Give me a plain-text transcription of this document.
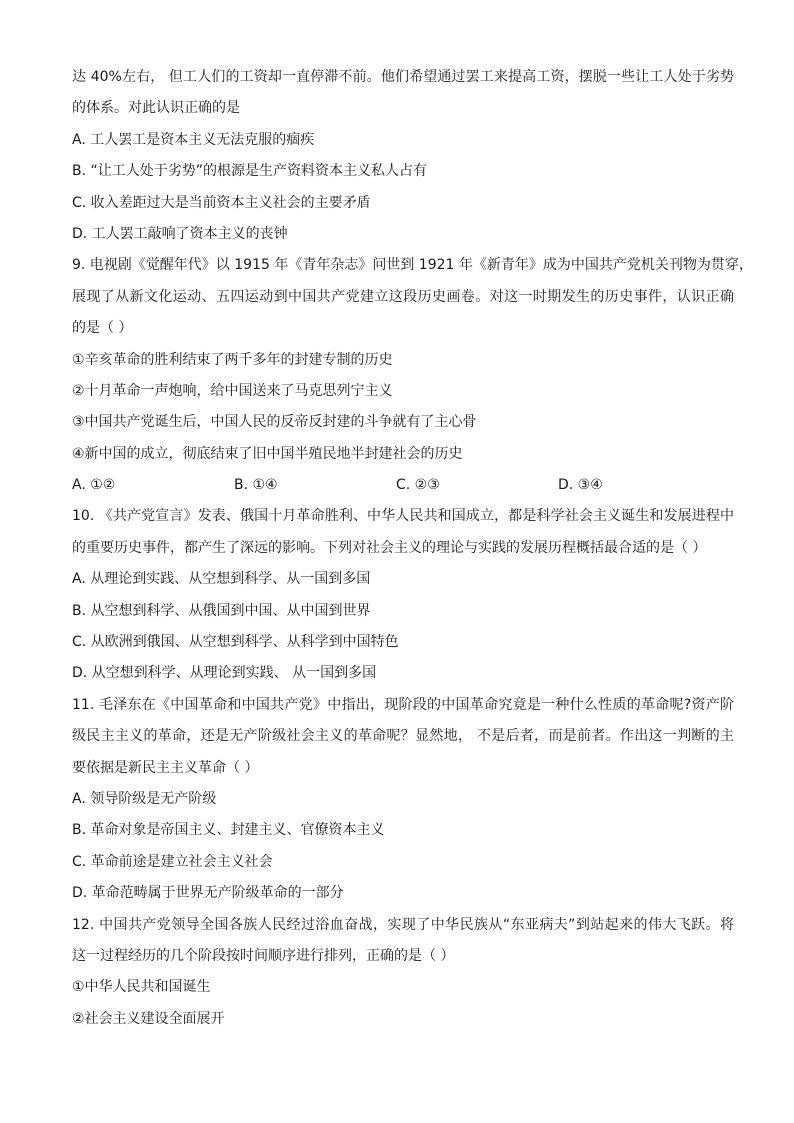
达 40%左右， 但工人们的工资却一直停滞不前。他们希望通过罢工来提高工资，摆脱一些让工人处于劣势
的体系。对此认识正确的是
A. 工人罢工是资本主义无法克服的痼疾
B. “让工人处于劣势”的根源是生产资料资本主义私人占有
C. 收入差距过大是当前资本主义社会的主要矛盾
D. 工人罢工敲响了资本主义的丧钟
9. 电视剧《觉醒年代》以 1915 年《青年杂志》问世到 1921 年《新青年》成为中国共产党机关刊物为贯穿，
展现了从新文化运动、五四运动到中国共产党建立这段历史画卷。对这一时期发生的历史事件，认识正确
的是（ ）
①辛亥革命的胜利结束了两千多年的封建专制的历史
②十月革命一声炮响，给中国送来了马克思列宁主义
③中国共产党诞生后，中国人民的反帝反封建的斗争就有了主心骨
④新中国的成立，彻底结束了旧中国半殖民地半封建社会的历史
A. ①②	B. ①④	C. ②③	D. ③④
10. 《共产党宣言》发表、俄国十月革命胜利、中华人民共和国成立，都是科学社会主义诞生和发展进程中
的重要历史事件，都产生了深远的影响。下列对社会主义的理论与实践的发展历程概括最合适的是（ ）
A. 从理论到实践、从空想到科学、从一国到多国
B. 从空想到科学、从俄国到中国、从中国到世界
C. 从欧洲到俄国、从空想到科学、从科学到中国特色
D. 从空想到科学、从理论到实践、 从一国到多国
11. 毛泽东在《中国革命和中国共产党》中指出，现阶段的中国革命究竟是一种什么性质的革命呢?资产阶
级民主主义的革命，还是无产阶级社会主义的革命呢？显然地， 不是后者，而是前者。作出这一判断的主
要依据是新民主主义革命（ ）
A. 领导阶级是无产阶级
B. 革命对象是帝国主义、封建主义、官僚资本主义
C. 革命前途是建立社会主义社会
D. 革命范畴属于世界无产阶级革命的一部分
12. 中国共产党领导全国各族人民经过浴血奋战，实现了中华民族从“东亚病夫”到站起来的伟大飞跃。将
这一过程经历的几个阶段按时间顺序进行排列，正确的是（ ）
①中华人民共和国诞生
②社会主义建设全面展开
